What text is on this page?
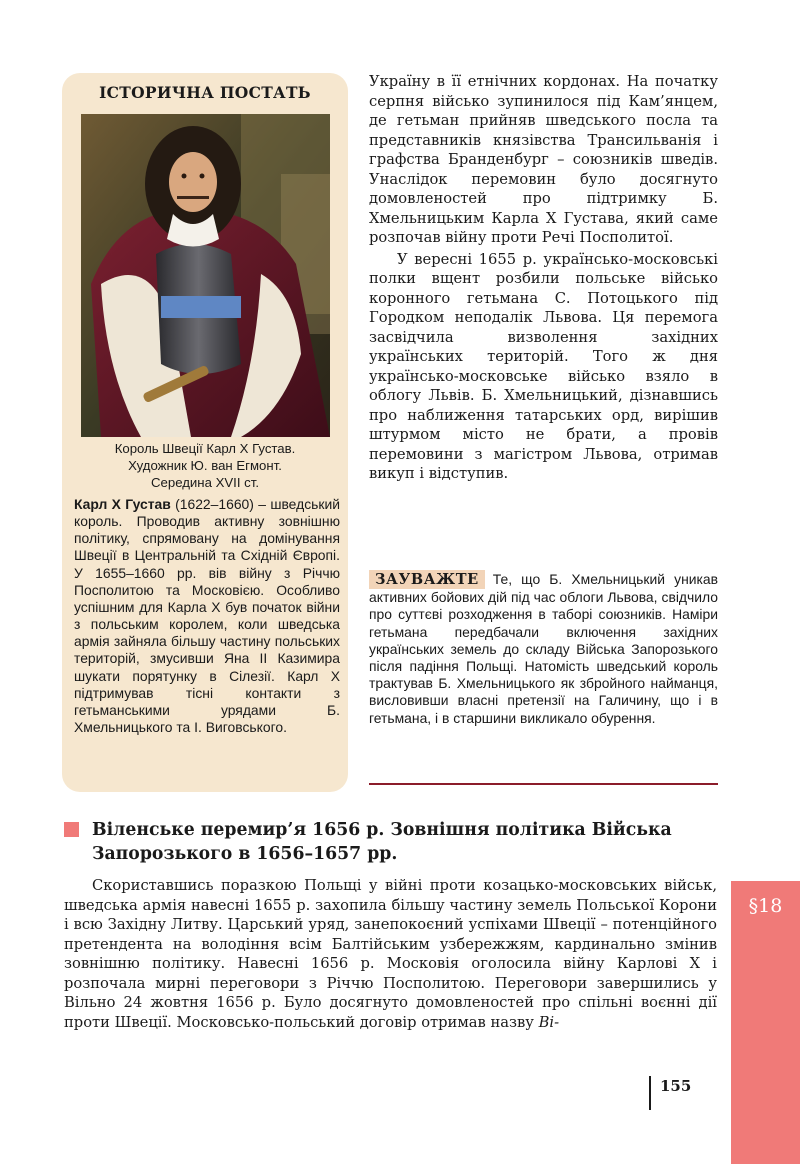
ІСТОРИЧНА ПОСТАТЬ
Король Швеції Карл X Густав.
Художник Ю. ван Егмонт.
Середина XVII ст.
Карл X Густав (1622–1660) – шведський король. Проводив активну зовнішню політику, спрямовану на домінування Швеції в Центральній та Східній Європі. У 1655–1660 рр. вів війну з Річчю Посполитою та Московією. Особливо успішним для Карла X був початок війни з польським королем, коли шведська армія зайняла більшу частину польських територій, змусивши Яна II Казимира шукати порятунку в Сілезії. Карл X підтримував тісні контакти з гетьманськими урядами Б. Хмельницького та І. Виговського.

Україну в її етнічних кордонах. На початку серпня військо зупинилося під Кам’янцем, де гетьман прийняв шведського посла та представників князівства Трансильванія і графства Бранденбург – союзників шведів. Унаслідок перемовин було досягнуто домовленостей про підтримку Б. Хмельницьким Карла X Густава, який саме розпочав війну проти Речі Посполитої.

У вересні 1655 р. українсько-московські полки вщент розбили польське військо коронного гетьмана С. Потоцького під Городком неподалік Львова. Ця перемога засвідчила визволення західних українських територій. Того ж дня українсько-московське військо взяло в облогу Львів. Б. Хмельницький, дізнавшись про наближення татарських орд, вирішив штурмом місто не брати, а провів перемовини з магістром Львова, отримав викуп і відступив.

ЗАУВАЖТЕ Те, що Б. Хмельницький уникав активних бойових дій під час облоги Львова, свідчило про суттєві розходження в таборі союзників. Наміри гетьмана передбачали включення західних українських земель до складу Війська Запорозького після падіння Польщі. Натомість шведський король трактував Б. Хмельницького як збройного найманця, висловивши власні претензії на Галичину, що і в гетьмана, і в старшини викликало обурення.
Віленське перемир’я 1656 р. Зовнішня політика Війська
Запорозького в 1656–1657 рр.

Скориставшись поразкою Польщі у війні проти козацько-московських військ, шведська армія навесні 1655 р. захопила більшу частину земель Польської Корони і всю Західну Литву. Царський уряд, занепокоєний успіхами Швеції – потенційного претендента на володіння всім Балтійським узбережжям, кардинально змінив зовнішню політику. Навесні 1656 р. Московія оголосила війну Карлові X і розпочала мирні переговори з Річчю Посполитою. Переговори завершились у Вільно 24 жовтня 1656 р. Було досягнуто домовленостей про спільні воєнні дії проти Швеції. Московсько-польський договір отримав назву Ві-

§18
155
